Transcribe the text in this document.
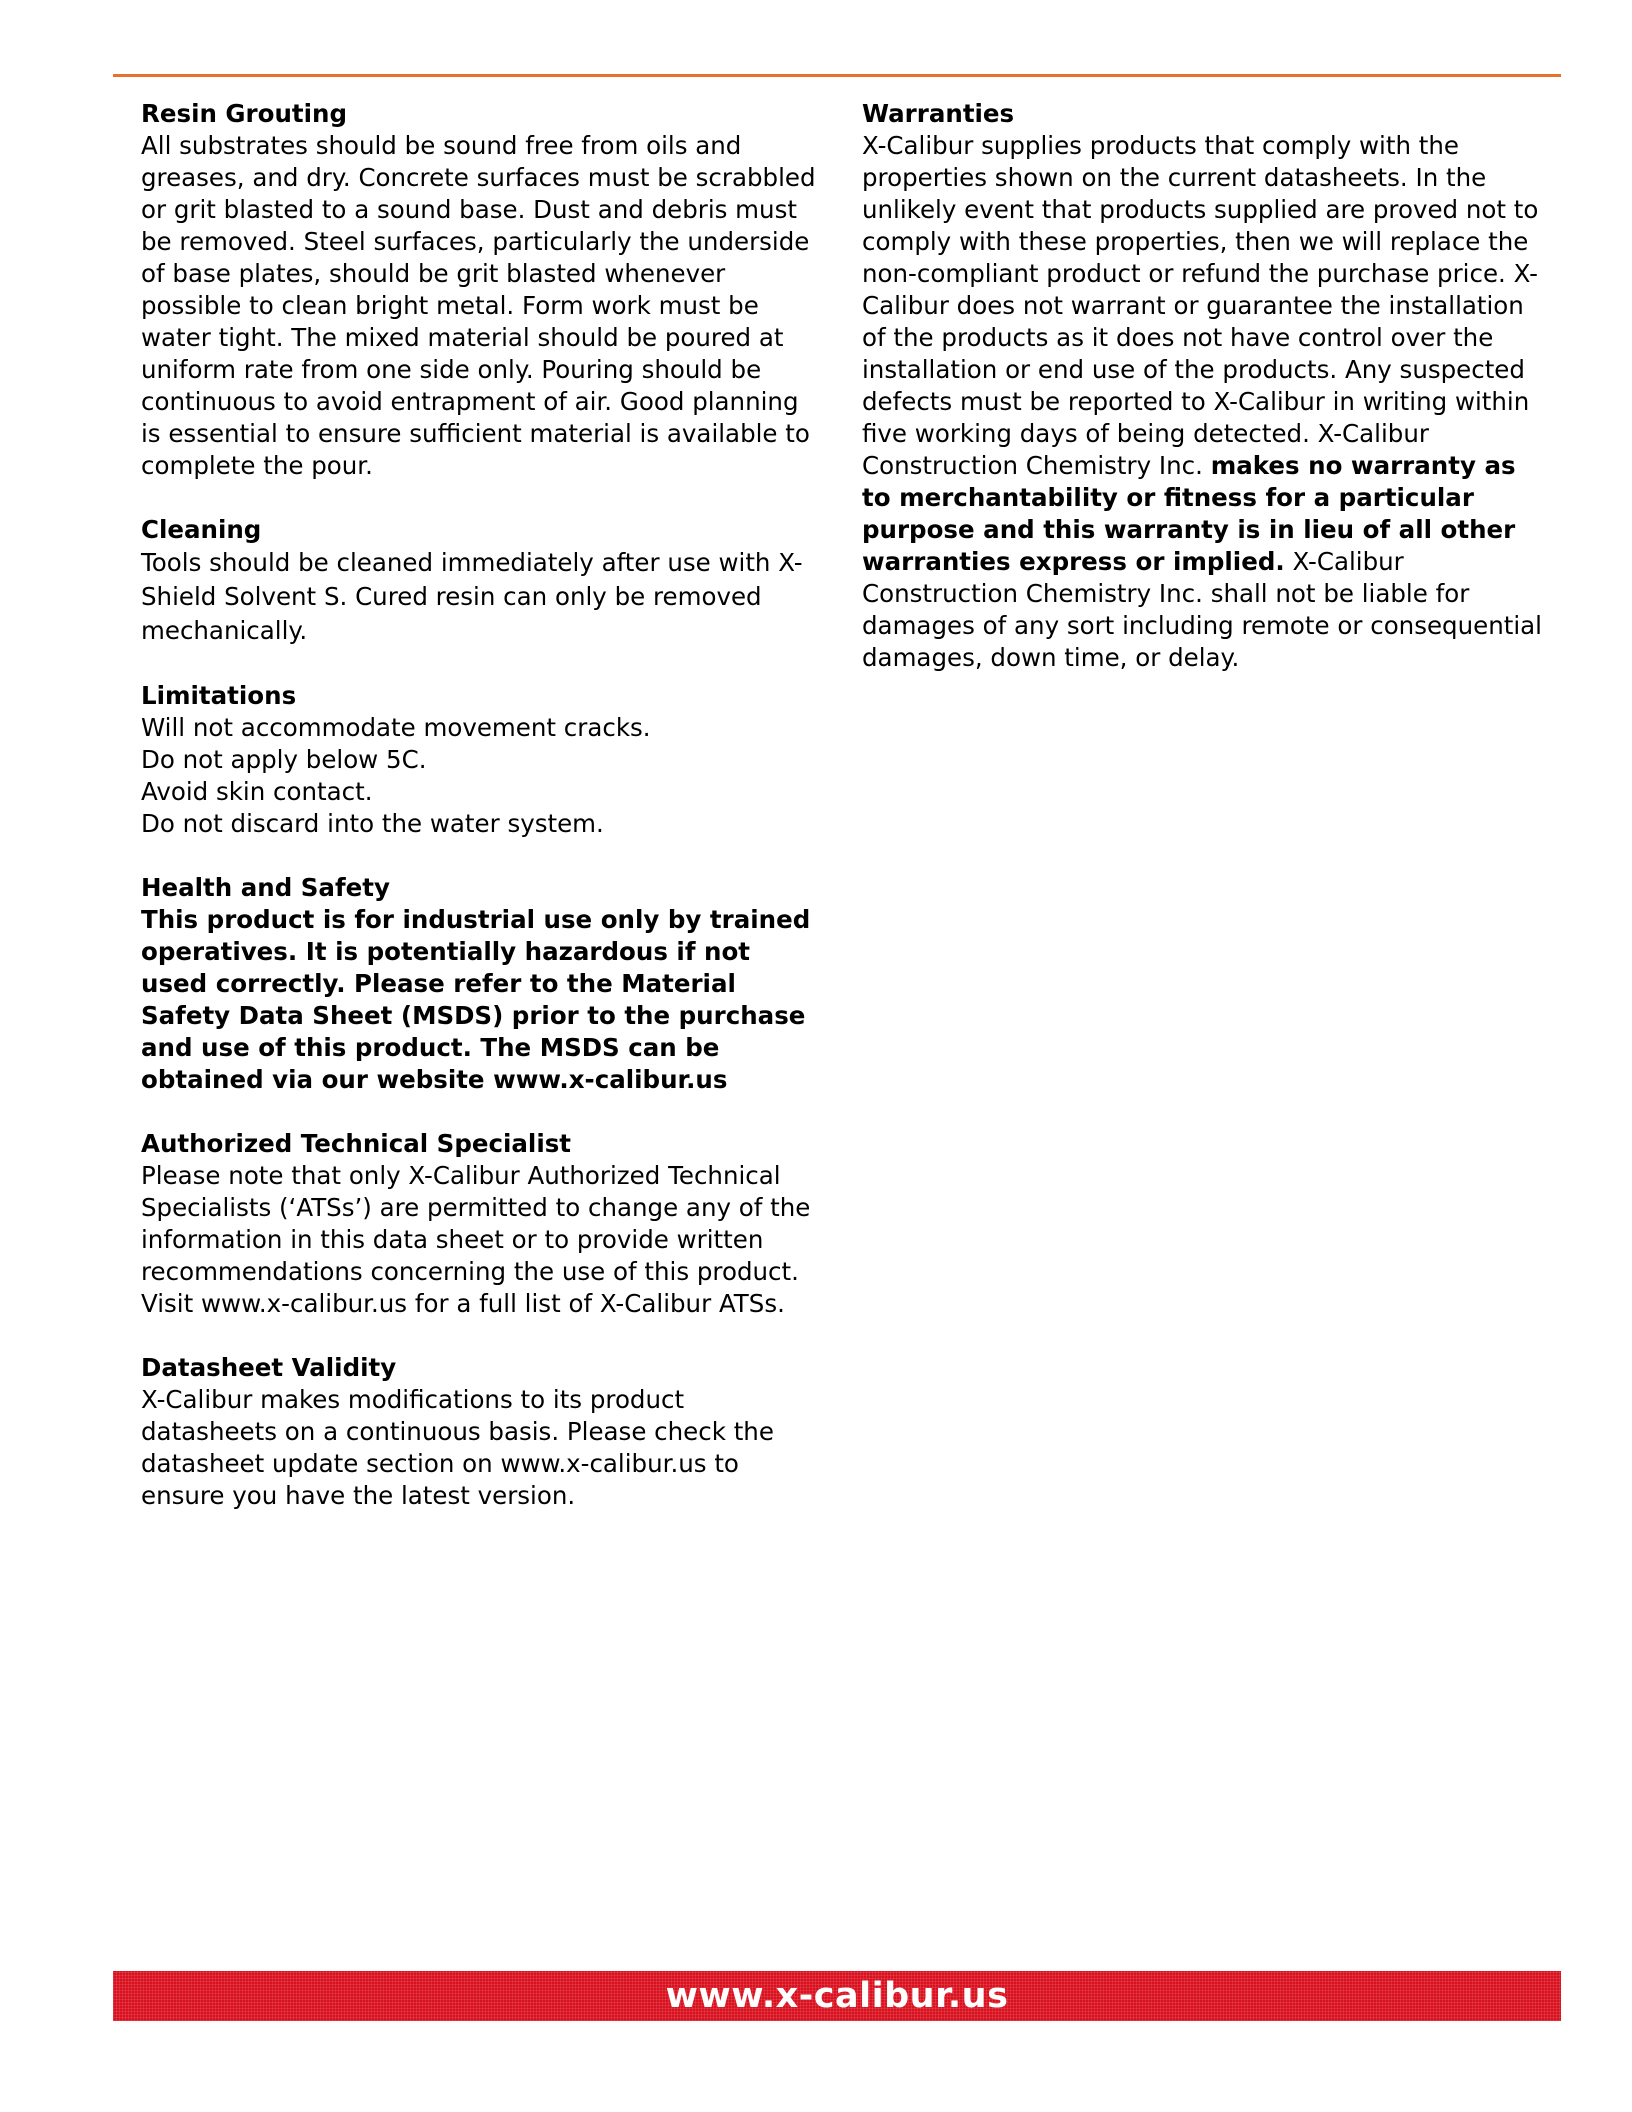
Resin Grouting

All substrates should be sound free from oils and greases, and dry. Concrete surfaces must be scrabbled or grit blasted to a sound base. Dust and debris must be removed. Steel surfaces, particularly the underside of base plates, should be grit blasted whenever possible to clean bright metal. Form work must be water tight. The mixed material should be poured at uniform rate from one side only. Pouring should be continuous to avoid entrapment of air. Good planning is essential to ensure sufficient material is available to complete the pour.

Cleaning

Tools should be cleaned immediately after use with X-Shield Solvent S. Cured resin can only be removed mechanically.

Limitations

Will not accommodate movement cracks.
Do not apply below 5C.
Avoid skin contact.
Do not discard into the water system.

Health and Safety

This product is for industrial use only by trained operatives. It is potentially hazardous if not used correctly. Please refer to the Material Safety Data Sheet (MSDS) prior to the purchase and use of this product. The MSDS can be obtained via our website www.x-calibur.us

Authorized Technical Specialist

Please note that only X-Calibur Authorized Technical Specialists (‘ATSs’) are permitted to change any of the information in this data sheet or to provide written recommendations concerning the use of this product. Visit www.x-calibur.us for a full list of X-Calibur ATSs.

Datasheet Validity

X-Calibur makes modifications to its product datasheets on a continuous basis. Please check the datasheet update section on www.x-calibur.us to ensure you have the latest version.

Warranties

X-Calibur supplies products that comply with the properties shown on the current datasheets. In the unlikely event that products supplied are proved not to comply with these properties, then we will replace the non-compliant product or refund the purchase price. X-Calibur does not warrant or guarantee the installation of the products as it does not have control over the installation or end use of the products. Any suspected defects must be reported to X-Calibur in writing within five working days of being detected. X-Calibur Construction Chemistry Inc. makes no warranty as to merchantability or fitness for a particular purpose and this warranty is in lieu of all other warranties express or implied. X-Calibur Construction Chemistry Inc. shall not be liable for damages of any sort including remote or consequential damages, down time, or delay.

www.x-calibur.us
